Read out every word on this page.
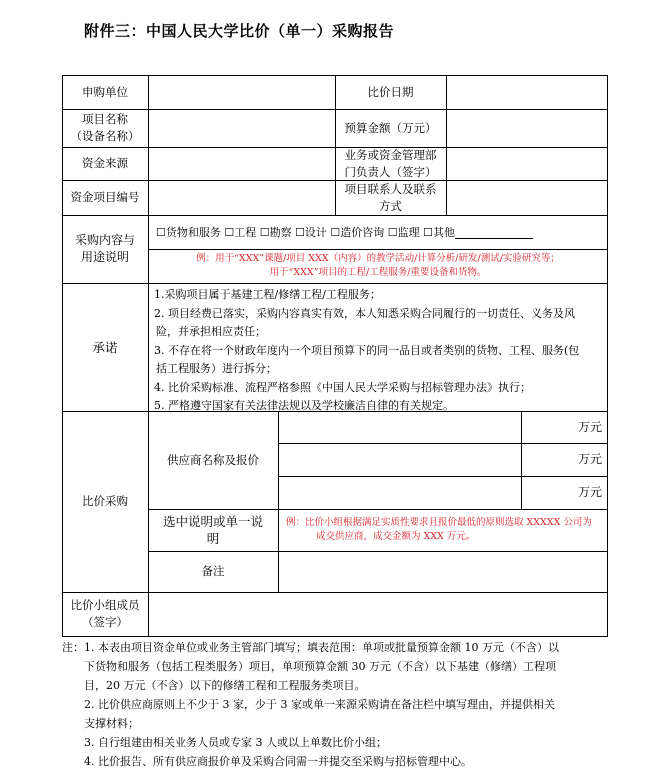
附件三：中国人民大学比价（单一）采购报告
申购单位	比价日期
项目名称
（设备名称）
预算金额（万元）
资金来源
业务或资金管理部
门负责人（签字）
资金项目编号
项目联系人及联系
方式
采购内容与
用途说明
☐货物和服务 ☐工程 ☐勘察 ☐设计 ☐造价咨询 ☐监理 ☐其他
例：用于“XXX”课题/项目 XXX（内容）的教学活动/计算分析/研发/测试/实验研究等；
用于“XXX”项目的工程/工程服务/重要设备和货物。
承诺

1.采购项目属于基建工程/修缮工程/工程服务；

2. 项目经费已落实，采购内容真实有效，本人知悉采购合同履行的一切责任、义务及风

险，并承担相应责任；

3. 不存在将一个财政年度内一个项目预算下的同一品目或者类别的货物、工程、服务(包

括工程服务）进行拆分；

4. 比价采购标准、流程严格参照《中国人民大学采购与招标管理办法》执行；

5. 严格遵守国家有关法律法规以及学校廉洁自律的有关规定。

比价采购
供应商名称及报价
万元
万元
万元
选中说明或单一说
明
例：比价小组根据满足实质性要求且报价最低的原则选取 XXXXX 公司为
成交供应商，成交金额为 XXX 万元。
备注
比价小组成员
（签字）
注： 1. 本表由项目资金单位或业务主管部门填写；填表范围：单项或批量预算金额 10 万元（不含）以
下货物和服务（包括工程类服务）项目，单项预算金额 30 万元（不含）以下基建（修缮）工程项
目，20 万元（不含）以下的修缮工程和工程服务类项目。
2. 比价供应商原则上不少于 3 家，少于 3 家或单一来源采购请在备注栏中填写理由，并提供相关
支撑材料；
3. 自行组建由相关业务人员或专家 3 人或以上单数比价小组；
4. 比价报告、所有供应商报价单及采购合同需一并提交至采购与招标管理中心。
